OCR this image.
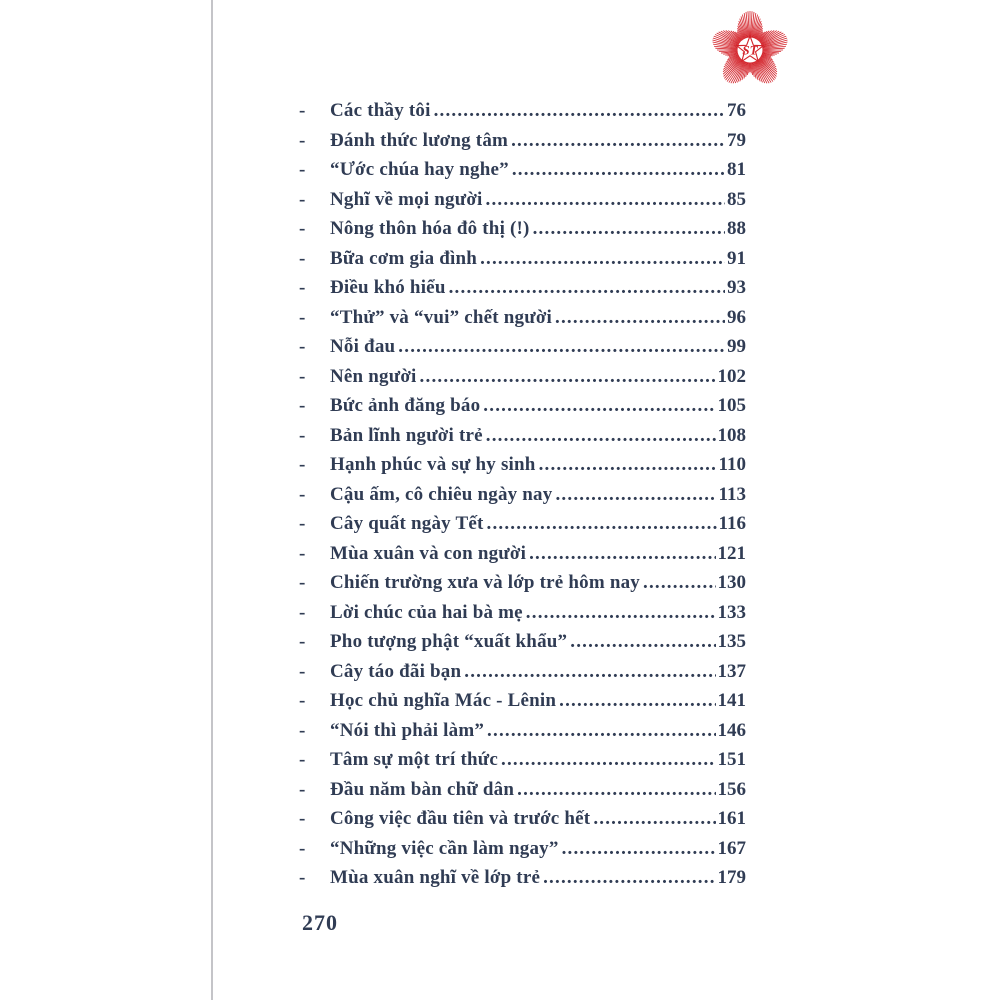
ST
-	Các thầy tôi .....	76
-	Đánh thức lương tâm .....	79
-	“Ước chúa hay nghe” .....	81
-	Nghĩ về mọi người .....	85
-	Nông thôn hóa đô thị (!) .....	88
-	Bữa cơm gia đình .....	91
-	Điều khó hiểu .....	93
-	“Thử” và “vui” chết người .....	96
-	Nỗi đau .....	99
-	Nên người .....	102
-	Bức ảnh đăng báo .....	105
-	Bản lĩnh người trẻ .....	108
-	Hạnh phúc và sự hy sinh .....	110
-	Cậu ấm, cô chiêu ngày nay .....	113
-	Cây quất ngày Tết .....	116
-	Mùa xuân và con người .....	121
-	Chiến trường xưa và lớp trẻ hôm nay .....	130
-	Lời chúc của hai bà mẹ .....	133
-	Pho tượng phật “xuất khẩu” .....	135
-	Cây táo đãi bạn .....	137
-	Học chủ nghĩa Mác - Lênin .....	141
-	“Nói thì phải làm” .....	146
-	Tâm sự một trí thức .....	151
-	Đầu năm bàn chữ dân .....	156
-	Công việc đầu tiên và trước hết .....	161
-	“Những việc cần làm ngay” .....	167
-	Mùa xuân nghĩ về lớp trẻ .....	179
270
